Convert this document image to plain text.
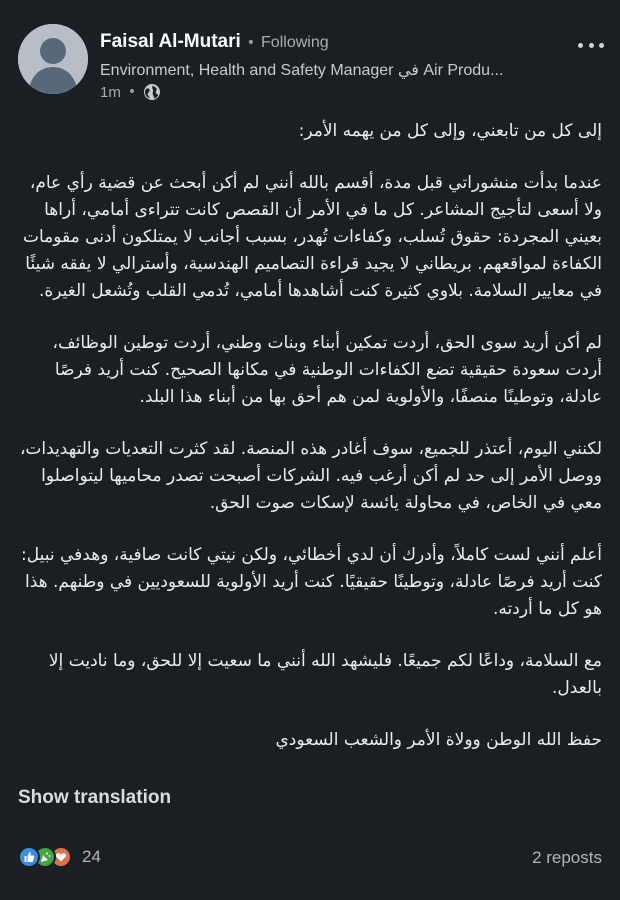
Faisal Al-Mutari • Following
Environment, Health and Safety Manager في Air Produ...
1m •

إلى كل من تابعني، وإلى كل من يهمه الأمر:

عندما بدأت منشوراتي قبل مدة، أقسم بالله أنني لم أكن أبحث عن قضية رأي عام، ولا أسعى لتأجيج المشاعر. كل ما في الأمر أن القصص كانت تتراءى أمامي، أراها بعيني المجردة: حقوق تُسلب، وكفاءات تُهدر، بسبب أجانب لا يمتلكون أدنى مقومات الكفاءة لمواقعهم. بريطاني لا يجيد قراءة التصاميم الهندسية، وأسترالي لا يفقه شيئًا في معايير السلامة. بلاوي كثيرة كنت أشاهدها أمامي، تُدمي القلب وتُشعل الغيرة.

لم أكن أريد سوى الحق، أردت تمكين أبناء وبنات وطني، أردت توطين الوظائف، أردت سعودة حقيقية تضع الكفاءات الوطنية في مكانها الصحيح. كنت أريد فرصًا عادلة، وتوطينًا منصفًا، والأولوية لمن هم أحق بها من أبناء هذا البلد.

لكنني اليوم، أعتذر للجميع، سوف أغادر هذه المنصة. لقد كثرت التعديات والتهديدات، ووصل الأمر إلى حد لم أكن أرغب فيه. الشركات أصبحت تصدر محاميها ليتواصلوا معي في الخاص، في محاولة يائسة لإسكات صوت الحق.

أعلم أنني لست كاملاً، وأدرك أن لدي أخطائي، ولكن نيتي كانت صافية، وهدفي نبيل: كنت أريد فرصًا عادلة، وتوطينًا حقيقيًا. كنت أريد الأولوية للسعوديين في وطنهم. هذا هو كل ما أردته.

مع السلامة، وداعًا لكم جميعًا. فليشهد الله أنني ما سعيت إلا للحق، وما ناديت إلا بالعدل.

حفظ الله الوطن وولاة الأمر والشعب السعودي

Show translation
24	2 reposts
